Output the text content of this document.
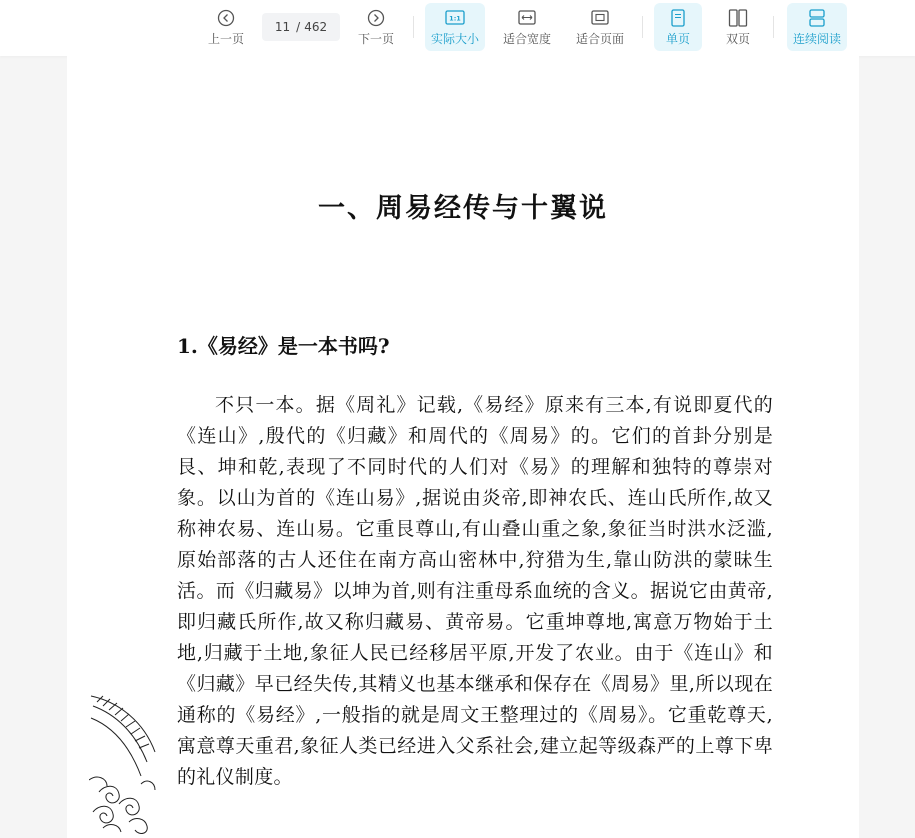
上一页
11 / 462
下一页
1:1
实际大小 适合宽度 适合页面	单页	双页	连续阅读
一、周易经传与十翼说
1.《易经》是一本书吗?

不只一本。据《周礼》记载,《易经》原来有三本,有说即夏代的《连山》,殷代的《归藏》和周代的《周易》的。它们的首卦分别是艮、坤和乾,表现了不同时代的人们对《易》的理解和独特的尊崇对象。以山为首的《连山易》,据说由炎帝,即神农氏、连山氏所作,故又称神农易、连山易。它重艮尊山,有山叠山重之象,象征当时洪水泛滥,原始部落的古人还住在南方高山密林中,狩猎为生,靠山防洪的蒙昧生活。而《归藏易》以坤为首,则有注重母系血统的含义。据说它由黄帝,即归藏氏所作,故又称归藏易、黄帝易。它重坤尊地,寓意万物始于土地,归藏于土地,象征人民已经移居平原,开发了农业。由于《连山》和《归藏》早已经失传,其精义也基本继承和保存在《周易》里,所以现在通称的《易经》,一般指的就是周文王整理过的《周易》。它重乾尊天,寓意尊天重君,象征人类已经进入父系社会,建立起等级森严的上尊下卑的礼仪制度。
